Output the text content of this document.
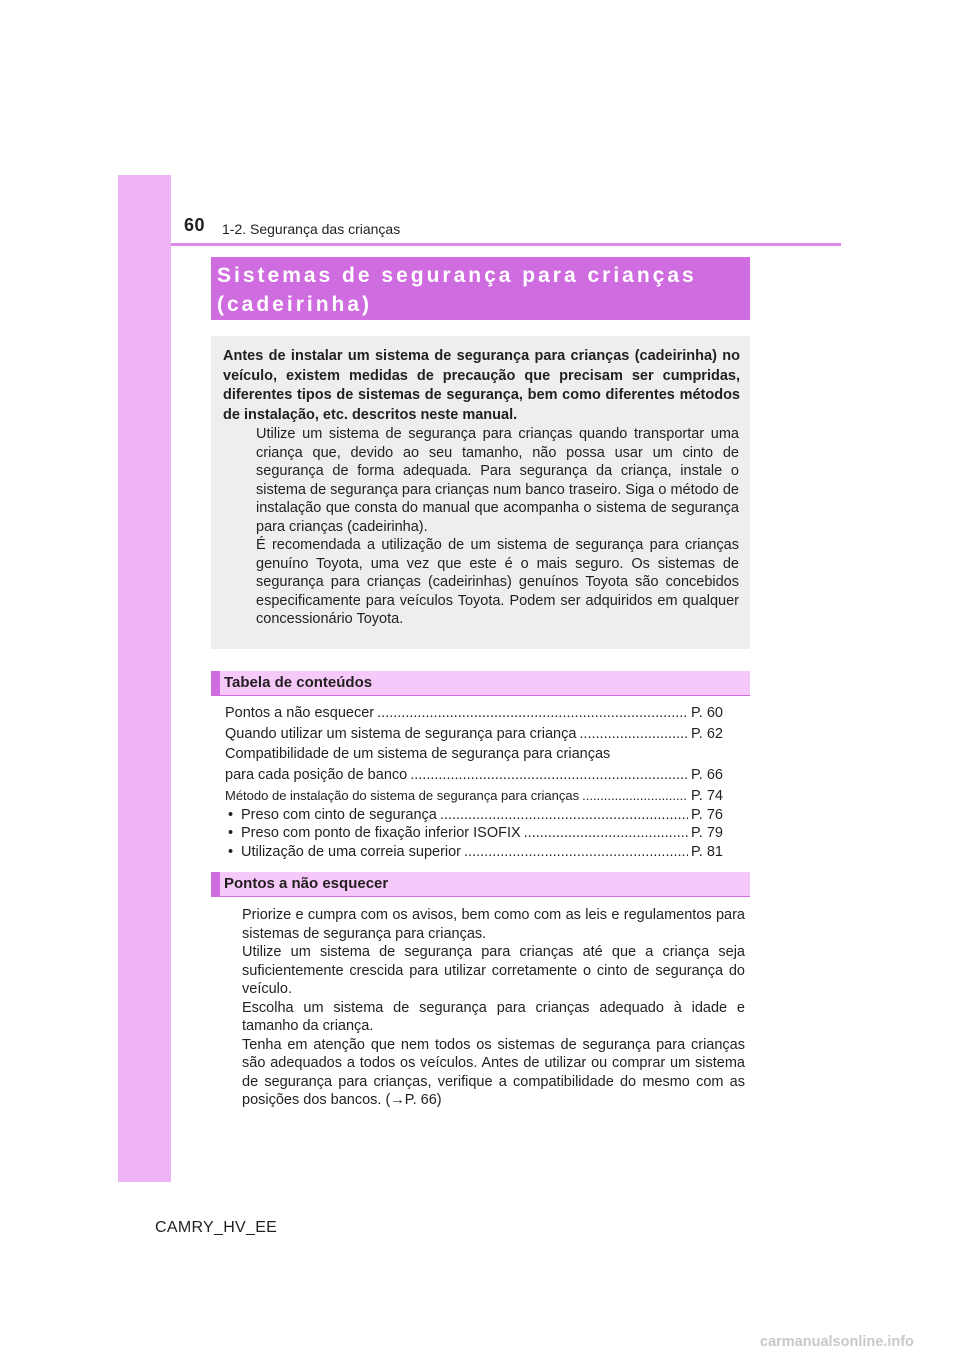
60 1-2. Segurança das crianças
Sistemas de segurança para crianças
(cadeirinha)

Antes de instalar um sistema de segurança para crianças (cadeirinha) no veículo, existem medidas de precaução que precisam ser cumpridas, diferentes tipos de sistemas de segurança, bem como diferentes métodos de instalação, etc. descritos neste manual.

Utilize um sistema de segurança para crianças quando transportar uma criança que, devido ao seu tamanho, não possa usar um cinto de segurança de forma adequada. Para segurança da criança, instale o sistema de segurança para crianças num banco traseiro. Siga o método de instalação que consta do manual que acompanha o sistema de segurança para crianças (cadeirinha).

É recomendada a utilização de um sistema de segurança para crianças genuíno Toyota, uma vez que este é o mais seguro. Os sistemas de segurança para crianças (cadeirinhas) genuínos Toyota são concebidos especificamente para veículos Toyota. Podem ser adquiridos em qualquer concessionário Toyota.

Tabela de conteúdos
Pontos a não esquecer .....	P. 60
Quando utilizar um sistema de segurança para criança .....	P. 62
Compatibilidade de um sistema de segurança para crianças
para cada posição de banco .....	P. 66
Método de instalação do sistema de segurança para crianças .....	P. 74
• Preso com cinto de segurança .....	P. 76
• Preso com ponto de fixação inferior ISOFIX .....	P. 79
• Utilização de uma correia superior .....	P. 81
Pontos a não esquecer

Priorize e cumpra com os avisos, bem como com as leis e regulamentos para sistemas de segurança para crianças.

Utilize um sistema de segurança para crianças até que a criança seja suficientemente crescida para utilizar corretamente o cinto de segurança do veículo.

Escolha um sistema de segurança para crianças adequado à idade e tamanho da criança.

Tenha em atenção que nem todos os sistemas de segurança para crianças são adequados a todos os veículos. Antes de utilizar ou comprar um sistema de segurança para crianças, verifique a compatibilidade do mesmo com as posições dos bancos. (→P. 66)

CAMRY_HV_EE
carmanualsonline.info
